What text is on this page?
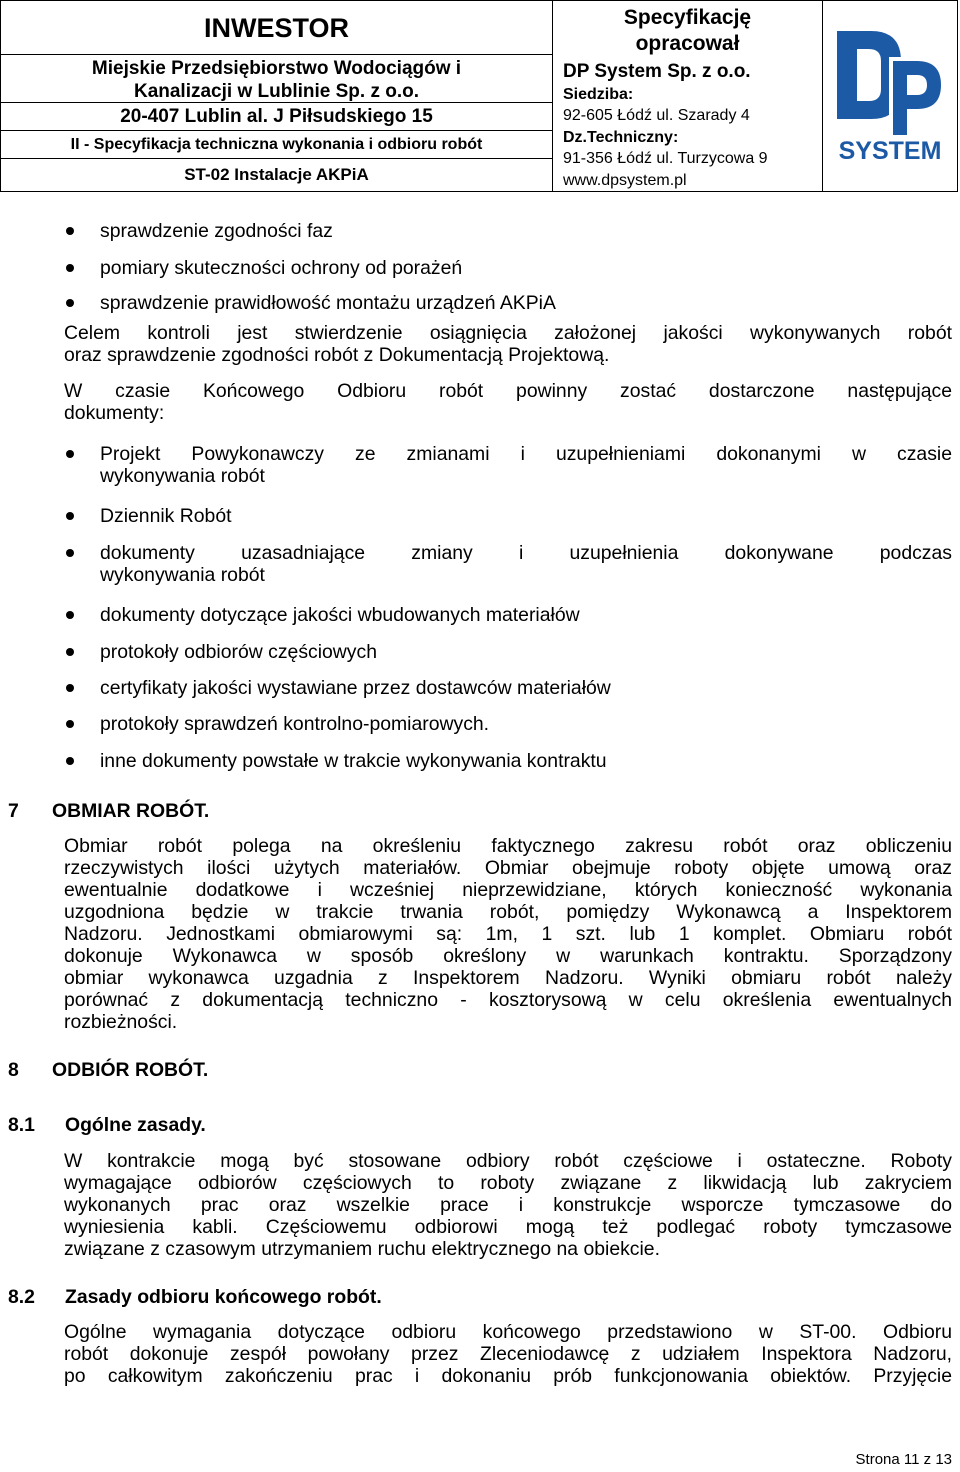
INWESTOR
Miejskie Przedsiębiorstwo Wodociągów i
Kanalizacji w Lublinie Sp. z o.o.
20-407 Lublin al. J Piłsudskiego 15
II - Specyfikacja techniczna wykonania i odbioru robót
ST-02 Instalacje AKPiA
Specyfikację
opracował
DP System Sp. z o.o.
Siedziba:
92-605 Łódź ul. Szarady 4
Dz.Techniczny:
91-356 Łódź ul. Turzycowa 9
www.dpsystem.pl
SYSTEM
sprawdzenie zgodności faz
pomiary skuteczności ochrony od porażeń
sprawdzenie prawidłowość montażu urządzeń AKPiA
Celem kontroli jest stwierdzenie osiągnięcia założonej jakości wykonywanych robót
oraz sprawdzenie zgodności robót z Dokumentacją Projektową.
W czasie Końcowego Odbioru robót powinny zostać dostarczone następujące
dokumenty:
Projekt Powykonawczy ze zmianami i uzupełnieniami dokonanymi w czasie
wykonywania robót
Dziennik Robót
dokumenty uzasadniające zmiany i uzupełnienia dokonywane podczas
wykonywania robót
dokumenty dotyczące jakości wbudowanych materiałów
protokoły odbiorów częściowych
certyfikaty jakości wystawiane przez dostawców materiałów
protokoły sprawdzeń kontrolno-pomiarowych.
inne dokumenty powstałe w trakcie wykonywania kontraktu
7 OBMIAR ROBÓT.
Obmiar robót polega na określeniu faktycznego zakresu robót oraz obliczeniu
rzeczywistych ilości użytych materiałów. Obmiar obejmuje roboty objęte umową oraz
ewentualnie dodatkowe i wcześniej nieprzewidziane, których konieczność wykonania
uzgodniona będzie w trakcie trwania robót, pomiędzy Wykonawcą a Inspektorem
Nadzoru. Jednostkami obmiarowymi są: 1m, 1 szt. lub 1 komplet. Obmiaru robót
dokonuje Wykonawca w sposób określony w warunkach kontraktu. Sporządzony
obmiar wykonawca uzgadnia z Inspektorem Nadzoru. Wyniki obmiaru robót należy
porównać z dokumentacją techniczno - kosztorysową w celu określenia ewentualnych
rozbieżności.
8 ODBIÓR ROBÓT.
8.1 Ogólne zasady.
W kontrakcie mogą być stosowane odbiory robót częściowe i ostateczne. Roboty
wymagające odbiorów częściowych to roboty związane z likwidacją lub zakryciem
wykonanych prac oraz wszelkie prace i konstrukcje wsporcze tymczasowe do
wyniesienia kabli. Częściowemu odbiorowi mogą też podlegać roboty tymczasowe
związane z czasowym utrzymaniem ruchu elektrycznego na obiekcie.
8.2 Zasady odbioru końcowego robót.
Ogólne wymagania dotyczące odbioru końcowego przedstawiono w ST-00. Odbioru
robót dokonuje zespół powołany przez Zleceniodawcę z udziałem Inspektora Nadzoru,
po całkowitym zakończeniu prac i dokonaniu prób funkcjonowania obiektów. Przyjęcie
Strona 11 z 13
